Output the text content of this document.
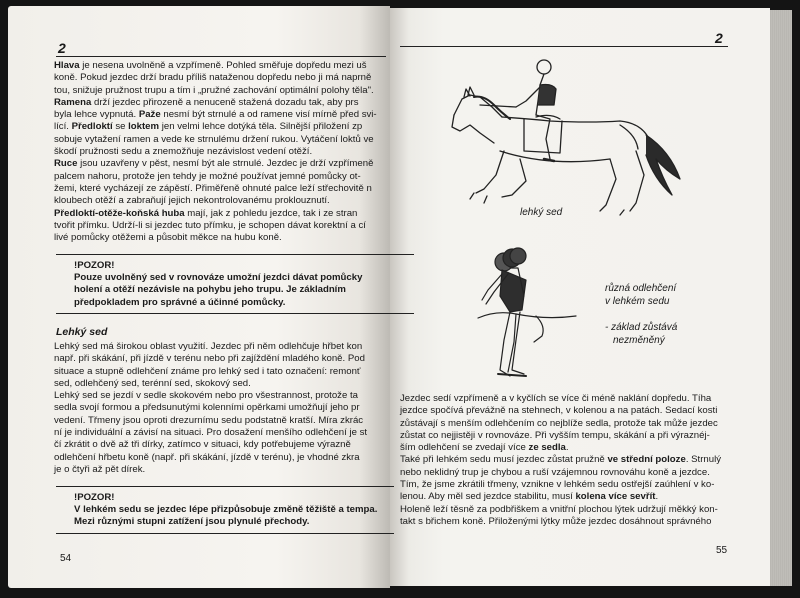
2

Hlava je nesena uvolněně a vzpřímeně. Pohled směřuje dopředu mezi uš

koně. Pokud jezdec drží bradu příliš nataženou dopředu nebo ji má naprně

tou, snižuje pružnost trupu a tím i „pružné zachování optimální polohy těla".

Ramena drží jezdec přirozeně a nenuceně stažená dozadu tak, aby prs

byla lehce vypnutá. Paže nesmí být strnulé a od ramene visí mírně před svi-

lící. Předloktí se loktem jen velmi lehce dotýká těla. Silnější přiložení zp

sobuje vytažení ramen a vede ke strnulému držení rukou. Vytáčení loktů ve

škodí pružnosti sedu a znemožňuje nezávislost vedení otěží.

Ruce jsou uzavřeny v pěst, nesmí být ale strnulé. Jezdec je drží vzpřímeně

palcem nahoru, protože jen tehdy je možné používat jemné pomůcky ot-

žemi, které vycházejí ze zápěstí. Přiměřeně ohnuté palce leží střechovitě n

kloubech otěží a zabraňují jejich nekontrolovanému proklouznutí.

Předloktí-otěže-koňská huba mají, jak z pohledu jezdce, tak i ze stran

tvořit přímku. Udrží-li si jezdec tuto přímku, je schopen dávat korektní a cí

livé pomůcky otěžemi a působit měkce na hubu koně.

!POZOR!

Pouze uvolněný sed v rovnováze umožní jezdci dávat pomůcky

holení a otěží nezávisle na pohybu jeho trupu. Je základním

předpokladem pro správné a účinné pomůcky.

Lehký sed

Lehký sed má širokou oblast využití. Jezdec při něm odlehčuje hřbet kon

např. při skákání, při jízdě v terénu nebo při zajíždění mladého koně. Pod

situace a stupně odlehčení známe pro lehký sed i tato označení: remonť

sed, odlehčený sed, terénní sed, skokový sed.

Lehký sed se jezdí v sedle skokovém nebo pro všestrannost, protože ta

sedla svojí formou a předsunutými kolenními opěrkami umožňují jeho pr

vedení. Třmeny jsou oproti drezurnímu sedu podstatně kratší. Míra zkrác

ní je individuální a závisí na situaci. Pro dosažení menšího odlehčení je st

čí zkrátit o dvě až tři dírky, zatímco v situaci, kdy potřebujeme výrazně

odlehčení hřbetu koně (např. při skákání, jízdě v terénu), je vhodné zkra

je o čtyři až pět dírek.

!POZOR!

V lehkém sedu se jezdec lépe přizpůsobuje změně těžiště a tempa.

Mezi různými stupni zatížení jsou plynulé přechody.

54
2
lehký sed
různá odlehčení
v lehkém sedu

- základ zůstává
nezměněný

Jezdec sedí vzpřímeně a v kyčlích se více či méně naklání dopředu. Tíha

jezdce spočívá převážně na stehnech, v kolenou a na patách. Sedací kosti

zůstávají s menším odlehčením co nejblíže sedla, protože tak může jezdec

zůstat co nejjistěji v rovnováze. Při vyšším tempu, skákání a při výraznéj-

ším odlehčení se zvedají více ze sedla.

Také při lehkém sedu musí jezdec zůstat pružně ve střední poloze. Strnulý

nebo neklidný trup je chybou a ruší vzájemnou rovnováhu koně a jezdce.

Tím, že jsme zkrátili třmeny, vznikne v lehkém sedu ostřejší zaúhlení v ko-

lenou. Aby měl sed jezdce stabilitu, musí kolena více sevřít.

Holeně leží těsně za podbřiškem a vnitřní plochou lýtek udržují měkký kon-

takt s břichem koně. Přiloženými lýtky může jezdec dosáhnout správného

55
